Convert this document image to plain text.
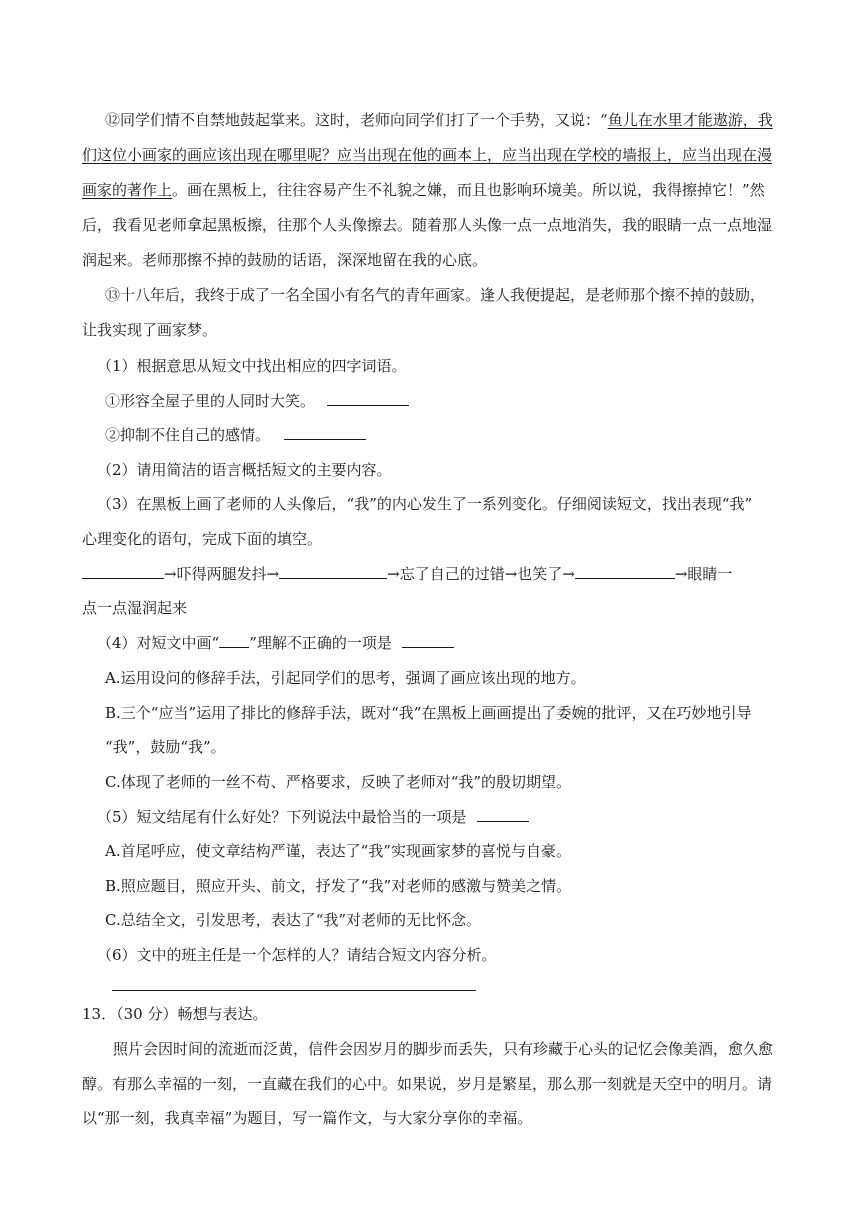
⑫同学们情不自禁地鼓起掌来。这时，老师向同学们打了一个手势，又说：“鱼儿在水里才能遨游，我
们这位小画家的画应该出现在哪里呢？应当出现在他的画本上，应当出现在学校的墙报上，应当出现在漫
画家的著作上。画在黑板上，往往容易产生不礼貌之嫌，而且也影响环境美。所以说，我得擦掉它！”然
后，我看见老师拿起黑板擦，往那个人头像擦去。随着那人头像一点一点地消失，我的眼睛一点一点地湿
润起来。老师那擦不掉的鼓励的话语，深深地留在我的心底。
⑬十八年后，我终于成了一名全国小有名气的青年画家。逢人我便提起，是老师那个擦不掉的鼓励，
让我实现了画家梦。
（1）根据意思从短文中找出相应的四字词语。
①形容全屋子里的人同时大笑。
②抑制不住自己的感情。
（2）请用简洁的语言概括短文的主要内容。
（3）在黑板上画了老师的人头像后，“我”的内心发生了一系列变化。仔细阅读短文，找出表现“我”
心理变化的语句，完成下面的填空。
→吓得两腿发抖→	→忘了自己的过错→也笑了→	→眼睛一
点一点湿润起来
（4）对短文中画“ ”理解不正确的一项是
A.运用设问的修辞手法，引起同学们的思考，强调了画应该出现的地方。
B.三个“应当”运用了排比的修辞手法，既对“我”在黑板上画画提出了委婉的批评，又在巧妙地引导
“我”，鼓励“我”。
C.体现了老师的一丝不苟、严格要求，反映了老师对“我”的殷切期望。
（5）短文结尾有什么好处？下列说法中最恰当的一项是
A.首尾呼应，使文章结构严谨，表达了“我”实现画家梦的喜悦与自豪。
B.照应题目，照应开头、前文，抒发了“我”对老师的感激与赞美之情。
C.总结全文，引发思考，表达了“我”对老师的无比怀念。
（6）文中的班主任是一个怎样的人？请结合短文内容分析。
13．（30 分）畅想与表达。
照片会因时间的流逝而泛黄，信件会因岁月的脚步而丢失，只有珍藏于心头的记忆会像美酒，愈久愈
醇。有那么幸福的一刻，一直藏在我们的心中。如果说，岁月是繁星，那么那一刻就是天空中的明月。请
以“那一刻，我真幸福”为题目，写一篇作文，与大家分享你的幸福。
